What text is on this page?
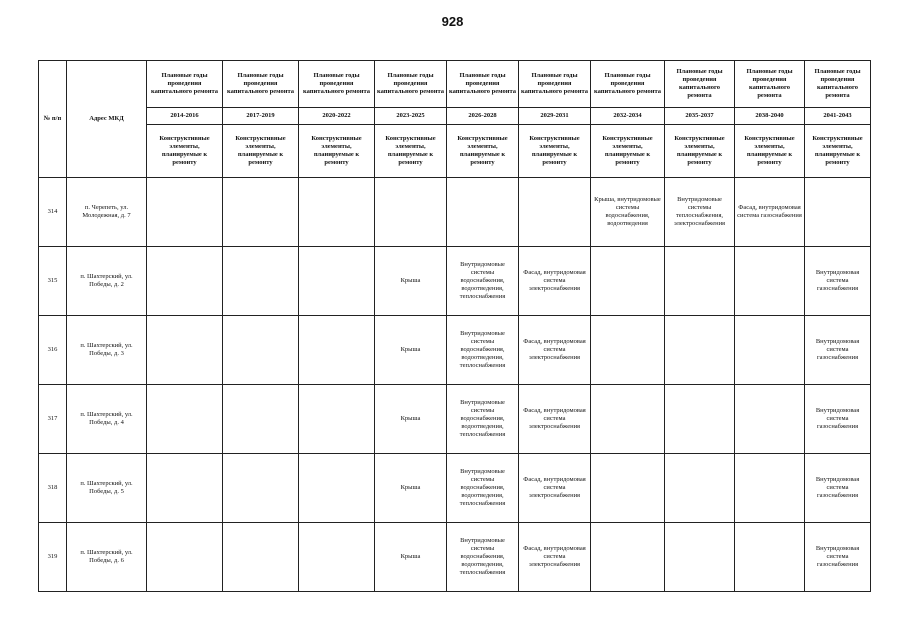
928
№ п/п	Адрес МКД	Плановые годы проведения капитального ремонта	Плановые годы проведения капитального ремонта	Плановые годы проведения капитального ремонта	Плановые годы проведения капитального ремонта	Плановые годы проведения капитального ремонта	Плановые годы проведения капитального ремонта	Плановые годы проведения капитального ремонта	Плановые годы проведения капитального ремонта	Плановые годы проведения капитального ремонта	Плановые годы проведения капитального ремонта
		2014-2016	2017-2019	2020-2022	2023-2025	2026-2028	2029-2031	2032-2034	2035-2037	2038-2040	2041-2043
		Конструктивные элементы, планируемые к ремонту	Конструктивные элементы, планируемые к ремонту	Конструктивные элементы, планируемые к ремонту	Конструктивные элементы, планируемые к ремонту	Конструктивные элементы, планируемые к ремонту	Конструктивные элементы, планируемые к ремонту	Конструктивные элементы, планируемые к ремонту	Конструктивные элементы, планируемые к ремонту	Конструктивные элементы, планируемые к ремонту	Конструктивные элементы, планируемые к ремонту
314	п. Черепеть, ул. Молодежная, д. 7							Крыша, внутридомовые системы водоснабжения, водоотведения	Внутридомовые системы теплоснабжения, электроснабжения	Фасад, внутридомовая система газоснабжения	
315	п. Шахтерский, ул. Победы, д. 2				Крыша	Внутридомовые системы водоснабжения, водоотведения, теплоснабжения	Фасад, внутридомовая система электроснабжения				Внутридомовая система газоснабжения
316	п. Шахтерский, ул. Победы, д. 3				Крыша	Внутридомовые системы водоснабжения, водоотведения, теплоснабжения	Фасад, внутридомовая система электроснабжения				Внутридомовая система газоснабжения
317	п. Шахтерский, ул. Победы, д. 4				Крыша	Внутридомовые системы водоснабжения, водоотведения, теплоснабжения	Фасад, внутридомовая система электроснабжения				Внутридомовая система газоснабжения
318	п. Шахтерский, ул. Победы, д. 5				Крыша	Внутридомовые системы водоснабжения, водоотведения, теплоснабжения	Фасад, внутридомовая система электроснабжения				Внутридомовая система газоснабжения
319	п. Шахтерский, ул. Победы, д. 6				Крыша	Внутридомовые системы водоснабжения, водоотведения, теплоснабжения	Фасад, внутридомовая система электроснабжения				Внутридомовая система газоснабжения
